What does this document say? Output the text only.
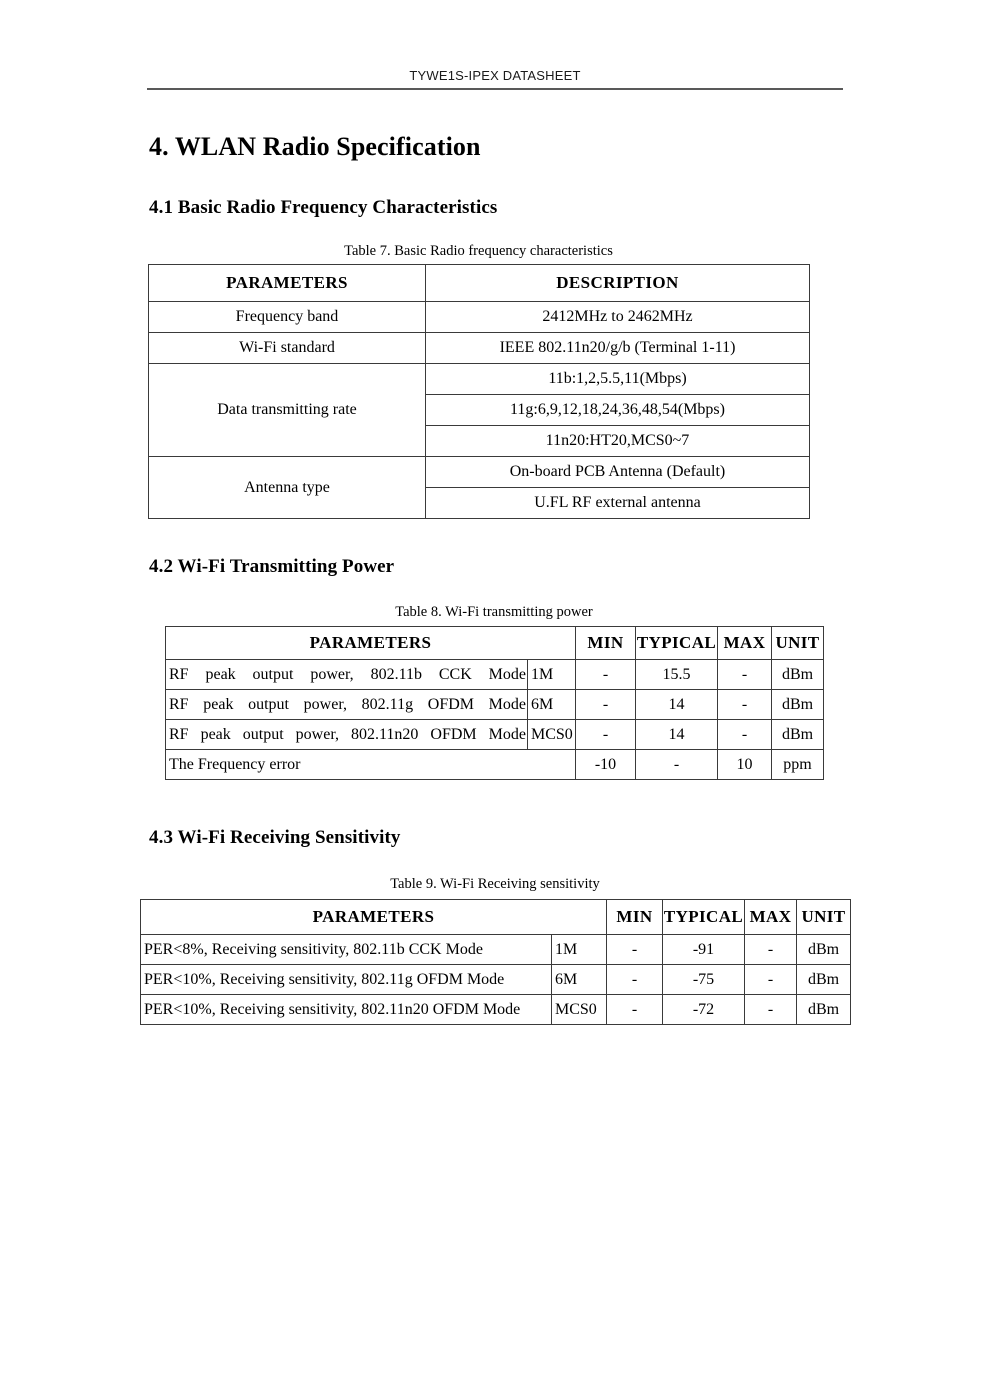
TYWE1S-IPEX DATASHEET
4. WLAN Radio Specification
4.1 Basic Radio Frequency Characteristics
Table 7. Basic Radio frequency characteristics
PARAMETERS	DESCRIPTION
Frequency band	2412MHz to 2462MHz
Wi-Fi standard	IEEE 802.11n20/g/b (Terminal 1-11)
Data transmitting rate	11b:1,2,5.5,11(Mbps)
	11g:6,9,12,18,24,36,48,54(Mbps)
	11n20:HT20,MCS0~7
Antenna type	On-board PCB Antenna (Default)
	U.FL RF external antenna
4.2 Wi-Fi Transmitting Power
Table 8. Wi-Fi transmitting power
PARAMETERS		MIN	TYPICAL	MAX	UNIT
RF peak output power, 802.11b CCK Mode	1M	-	15.5	-	dBm
RF peak output power, 802.11g OFDM Mode	6M	-	14	-	dBm
RF peak output power, 802.11n20 OFDM Mode	MCS0	-	14	-	dBm
The Frequency error		-10	-	10	ppm
4.3 Wi-Fi Receiving Sensitivity
Table 9. Wi-Fi Receiving sensitivity
PARAMETERS		MIN	TYPICAL	MAX	UNIT
PER<8%, Receiving sensitivity, 802.11b CCK Mode	1M	-	-91	-	dBm
PER<10%, Receiving sensitivity, 802.11g OFDM Mode	6M	-	-75	-	dBm
PER<10%, Receiving sensitivity, 802.11n20 OFDM Mode	MCS0	-	-72	-	dBm
